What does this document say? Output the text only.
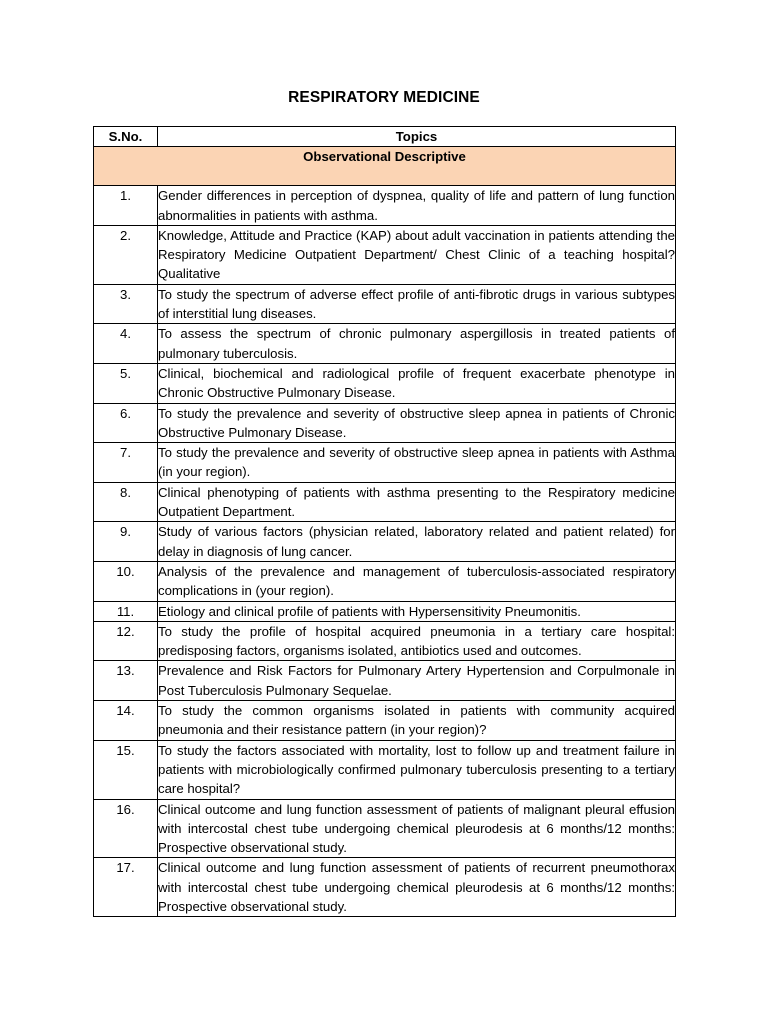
RESPIRATORY MEDICINE
S.No.	Topics
Observational Descriptive	
1.	Gender differences in perception of dyspnea, quality of life and pattern of lung function abnormalities in patients with asthma.
2.	Knowledge, Attitude and Practice (KAP) about adult vaccination in patients attending the Respiratory Medicine Outpatient Department/ Chest Clinic of a teaching hospital? Qualitative
3.	To study the spectrum of adverse effect profile of anti-fibrotic drugs in various subtypes of interstitial lung diseases.
4.	To assess the spectrum of chronic pulmonary aspergillosis in treated patients of pulmonary tuberculosis.
5.	Clinical, biochemical and radiological profile of frequent exacerbate phenotype in Chronic Obstructive Pulmonary Disease.
6.	To study the prevalence and severity of obstructive sleep apnea in patients of Chronic Obstructive Pulmonary Disease.
7.	To study the prevalence and severity of obstructive sleep apnea in patients with Asthma (in your region).
8.	Clinical phenotyping of patients with asthma presenting to the Respiratory medicine Outpatient Department.
9.	Study of various factors (physician related, laboratory related and patient related) for delay in diagnosis of lung cancer.
10.	Analysis of the prevalence and management of tuberculosis-associated respiratory complications in (your region).
11.	Etiology and clinical profile of patients with Hypersensitivity Pneumonitis.
12.	To study the profile of hospital acquired pneumonia in a tertiary care hospital: predisposing factors, organisms isolated, antibiotics used and outcomes.
13.	Prevalence and Risk Factors for Pulmonary Artery Hypertension and Corpulmonale in Post Tuberculosis Pulmonary Sequelae.
14.	To study the common organisms isolated in patients with community acquired pneumonia and their resistance pattern (in your region)?
15.	To study the factors associated with mortality, lost to follow up and treatment failure in patients with microbiologically confirmed pulmonary tuberculosis presenting to a tertiary care hospital?
16.	Clinical outcome and lung function assessment of patients of malignant pleural effusion with intercostal chest tube undergoing chemical pleurodesis at 6 months/12 months: Prospective observational study.
17.	Clinical outcome and lung function assessment of patients of recurrent pneumothorax with intercostal chest tube undergoing chemical pleurodesis at 6 months/12 months: Prospective observational study.
